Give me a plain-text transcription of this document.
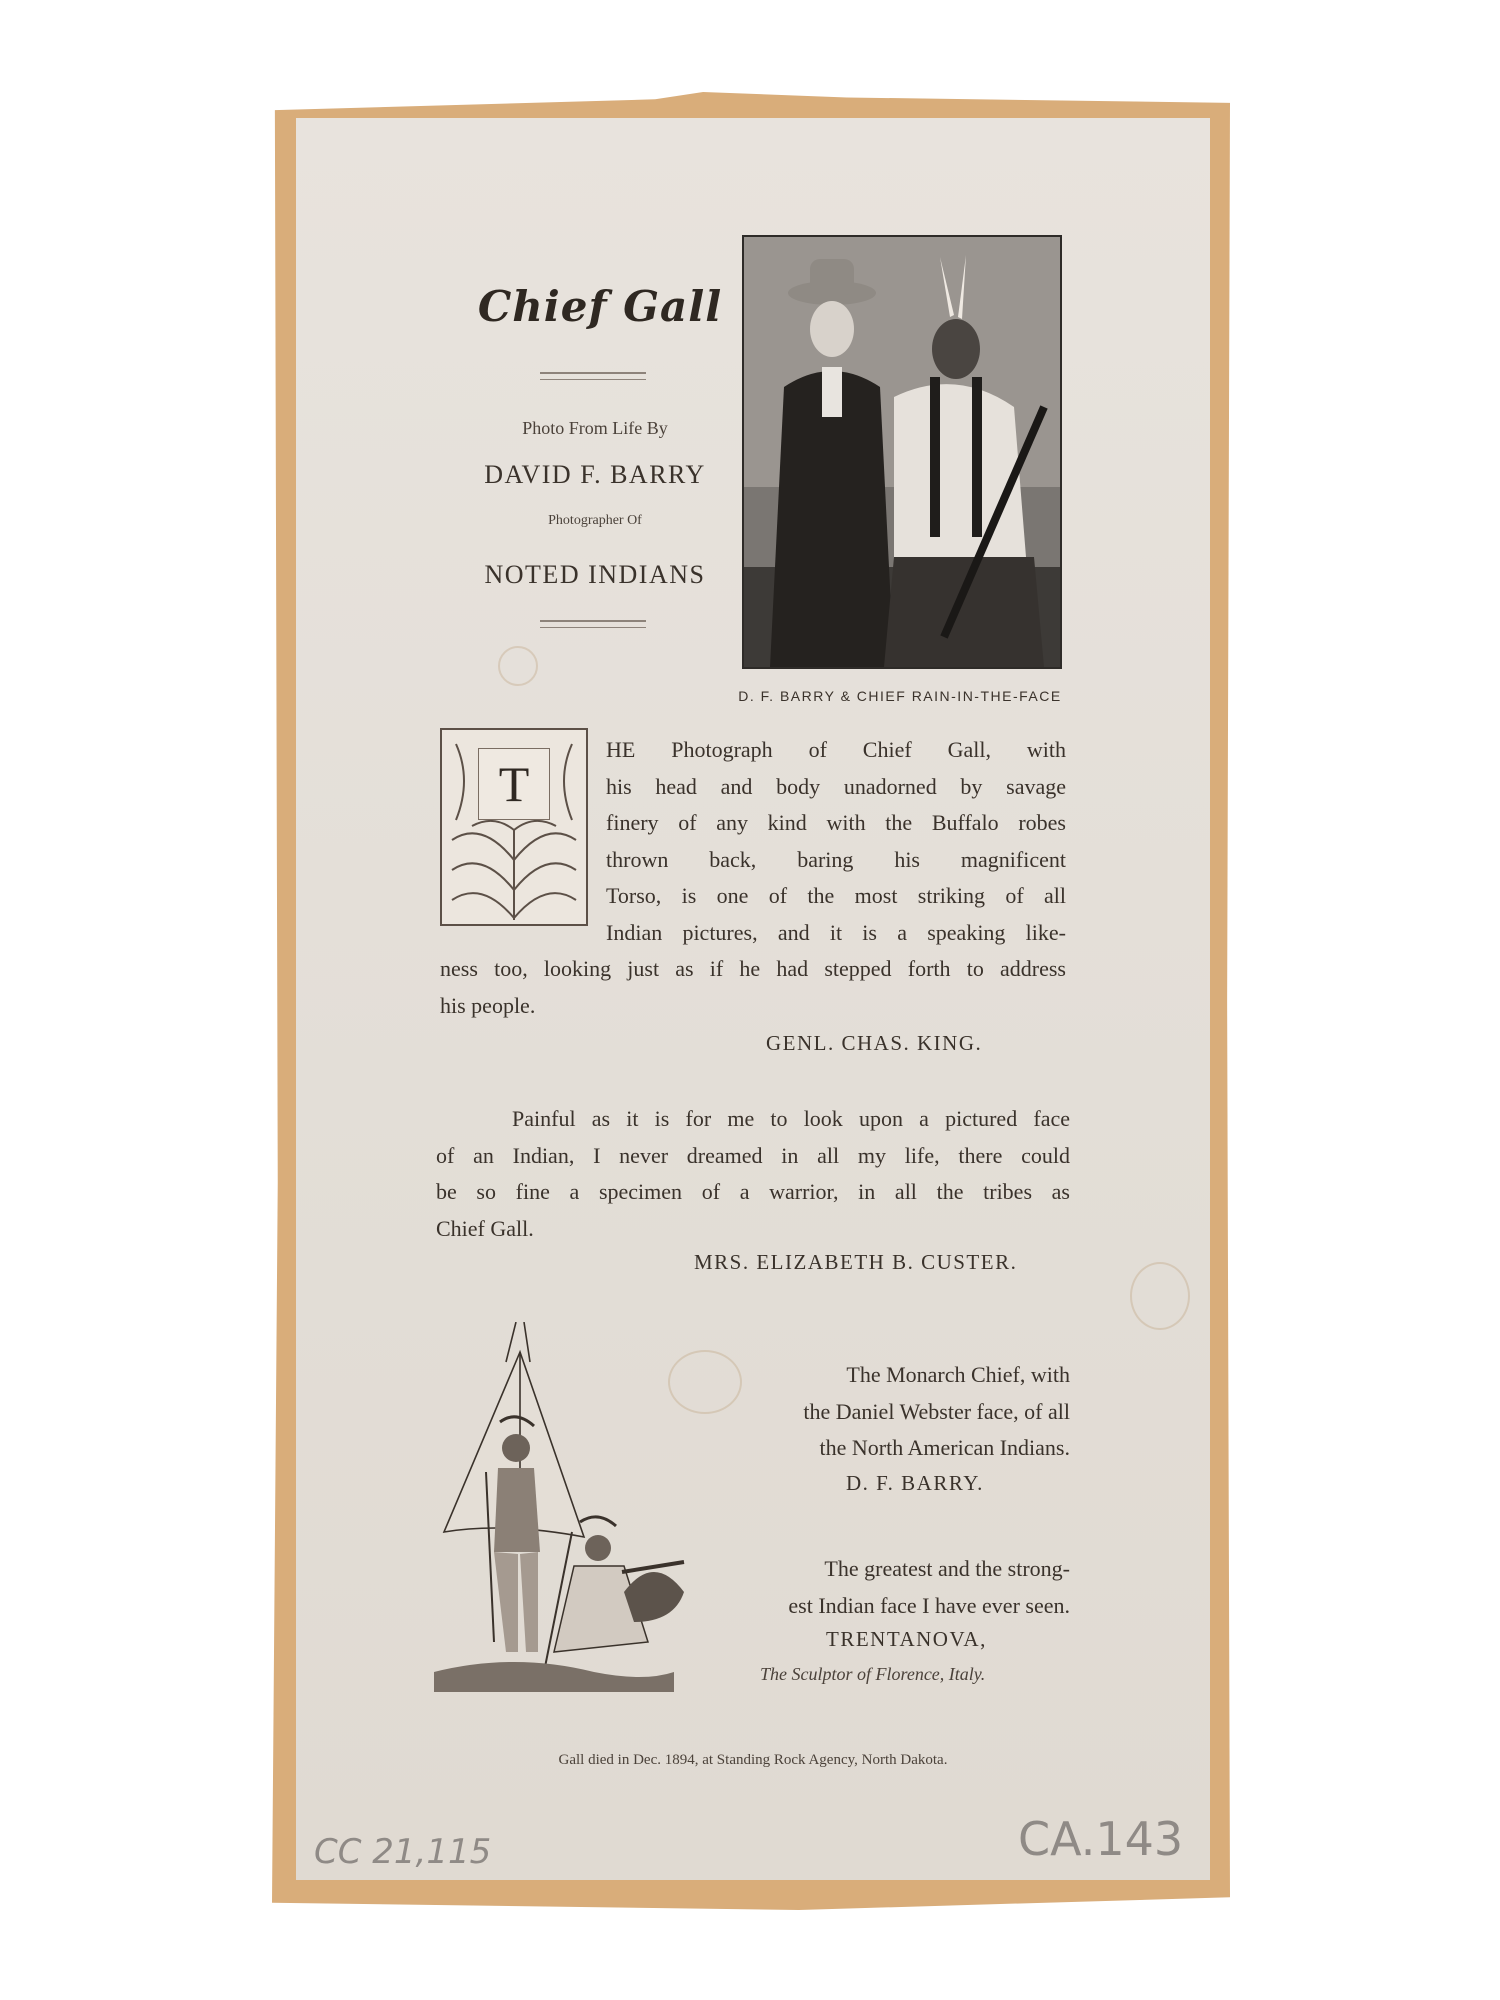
Chief Gall
Photo From Life By
DAVID F. BARRY
Photographer Of
NOTED INDIANS
D. F. BARRY & CHIEF RAIN-IN-THE-FACE
T
HE Photograph of Chief Gall, with
his head and body unadorned by savage
finery of any kind with the Buffalo robes
thrown back, baring his magnificent
Torso, is one of the most striking of all
Indian pictures, and it is a speaking like-
ness too, looking just as if he had stepped forth to address
his people.
GENL. CHAS. KING.
Painful as it is for me to look upon a pictured face
of an Indian, I never dreamed in all my life, there could
be so fine a specimen of a warrior, in all the tribes as
Chief Gall.
MRS. ELIZABETH B. CUSTER.
The Monarch Chief, with
the Daniel Webster face, of all
the North American Indians.
D. F. BARRY.
The greatest and the strong-
est Indian face I have ever seen.
TRENTANOVA,
The Sculptor of Florence, Italy.
Gall died in Dec. 1894, at Standing Rock Agency, North Dakota.
CC 21,115	CA.143
